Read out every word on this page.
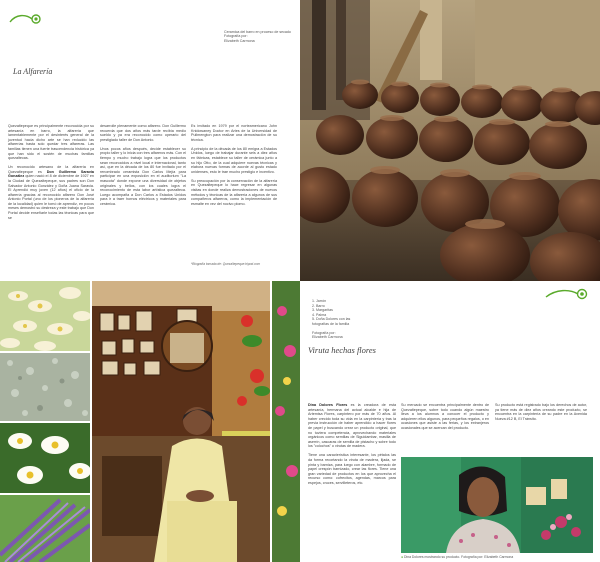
Ceramica del barro en proceso de secado
Fotografía por:
Elizabeth Carmona
La Alfarería

Quezaltepeque es principalmente reconocida por su artesanía en barro, la alfarería que lamentablemente por el desinterés general de la juventud hacia dicho arte se han reducido las alfarerías hasta solo quedar tres alfareras. Las familias tienen una fuerte trascendencia histórica ya que han sido el sostén de muchas familias quezaltecas.

Un reconocido artesano de la alfarería en Quezaltepeque es Don Guillermo Saravia González quien nació el 8 de diciembre de 1927 en la Ciudad de Quezaltepeque, sus padres son Don Salvador Antonio González y Doña Juana Saravia. El Aprendió muy joven (12 años) el oficio de la alfarería gracias al reconocido alfarero Don José Antonio Portal (uno de los pioneros de la alfarería de la localidad) quien le tomó de aprendiz, en pocos meses demostró su destreza y este trabajo que Don Portal decide enseñarle todas las técnicas para que se

desarrolle plenamente como alfarero. Don Guillermo recuerda que dos años más tarde recibía medio sueldo y ya era reconocido como operario del prestigiado taller de Don Antonio.

Unos pocos años después, decide establecer su propio taller y lo inicia con tres alfareros más. Con el tiempo y mucho trabajo logra que los productos sean reconocidos a nivel local e internacional, tanto así, que en la década de los 80 fue invitado por el renombrado ceramista Don Carlos Mejía para participar en una exposición en el auditorium "La mascota" donde expone una diversidad de objetos originales y bellos, con los cuales logra el reconocimiento de esta labor artística quezalteca. Luego acompaña a Don Carlos a Estados Unidos para ir a traer hornos eléctricos y materiales para cerámica.

Es invitado en 1979 por el norteamericano John Knidowaney Doctor en Artes de la Universidad de Pullmengton para realizar una demostración de su técnica.

A principio de la década de los 80 emigra a Estados Unidos, luego de trabajar durante seis a diez años en fábricas, establece su taller de cerámica junto a su hijo Otto, de la cual adquiere nuevas técnicas y elabora nuevas formas de acorde al gusto estado unidenses, esto le trae mucho prestigio e incentivo.

Su preocupación por la conservación de la alfarería en Quezaltepeque lo hace regresar en algunas visitas en donde realiza demostraciones de nuevos métodos y técnicas de la alfarería a algunos de sus compañeros alfareros, como la implementación de esmalte en vez del nocivo plomo.

*Biografía tomada de: Quezaltepeque.tripod.com
1. Jarrón
2. Barro
3. Margaritas
4. Palma
5. Doña Dolores con las
fotografías de la familia
Fotografía por:
Elizabeth Carmona
Viruta hechas flores

Dina Dolores Flores es la creadora de esta artesanía, hermana del actual alcalde e hija de Artemisa Flores, carpintero por más de 70 años. Al haber crecido toda su vida en la carpintería y tras la previa instrucción de haber aprendido a hacer flores de papel y buscando crear un producto original, que no tuviera competencia, aprovechando materiales orgánicos como semillas de Siguidambar, masilla de aserrín, cascaras de semilla de pistacho y sobre todo los "colochos" o virutas de madera.

Tiene una característica interesante, los pétalos las da forma recortando la viruta de madera, lijada, se pinta y barniza, para luego con alambre, formado de papel crespón barnizado, crear las flores. Tiene una gran variedad de productos en los que aprovecha el recurso como: cofrecitos, agendas, marcos para espejos, cruces, servilleteros, etc.

Su mercado se encuentra principalmente dentro de Quezaltepeque, sobre todo cuando algún maestro lleva a los alumnos a conocer el producto y adquieren ellos algunos, para pequeños regalos, o en ocasiones que asiste a las ferias, y los extranjeros ocasionales que se acercan del producto.

Su producto está registrado bajo los derechos de autor, ya tiene más de diez años creando este producto, se encuentra en la carpintería de su padre en la Avenida Nueva #12 B, El Tránsito.

● Dina Dolores mostrando su producto. Fotografía por: Elizabeth Carmona
